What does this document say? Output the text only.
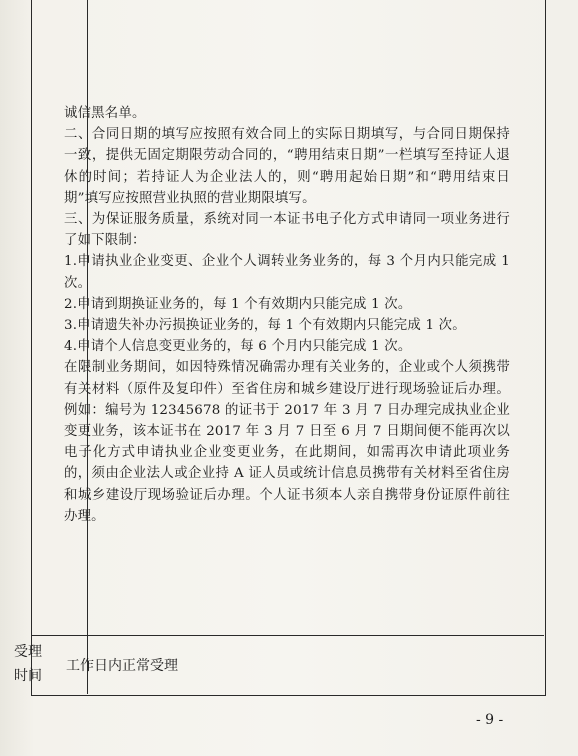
诚信黑名单。

二、合同日期的填写应按照有效合同上的实际日期填写，与合同日期保持一致，提供无固定期限劳动合同的，“聘用结束日期”一栏填写至持证人退休的时间；若持证人为企业法人的，则“聘用起始日期”和“聘用结束日期”填写应按照营业执照的营业期限填写。

三、为保证服务质量，系统对同一本证书电子化方式申请同一项业务进行了如下限制：

1.申请执业企业变更、企业个人调转业务业务的，每 3 个月内只能完成 1 次。

2.申请到期换证业务的，每 1 个有效期内只能完成 1 次。

3.申请遗失补办污损换证业务的，每 1 个有效期内只能完成 1 次。

4.申请个人信息变更业务的，每 6 个月内只能完成 1 次。

在限制业务期间，如因特殊情况确需办理有关业务的，企业或个人须携带有关材料（原件及复印件）至省住房和城乡建设厅进行现场验证后办理。例如：编号为 12345678 的证书于 2017 年 3 月 7 日办理完成执业企业变更业务，该本证书在 2017 年 3 月 7 日至 6 月 7 日期间便不能再次以电子化方式申请执业企业变更业务，在此期间，如需再次申请此项业务的，须由企业法人或企业持 A 证人员或统计信息员携带有关材料至省住房和城乡建设厅现场验证后办理。个人证书须本人亲自携带身份证原件前往办理。

受理
时间
工作日内正常受理
- 9 -
